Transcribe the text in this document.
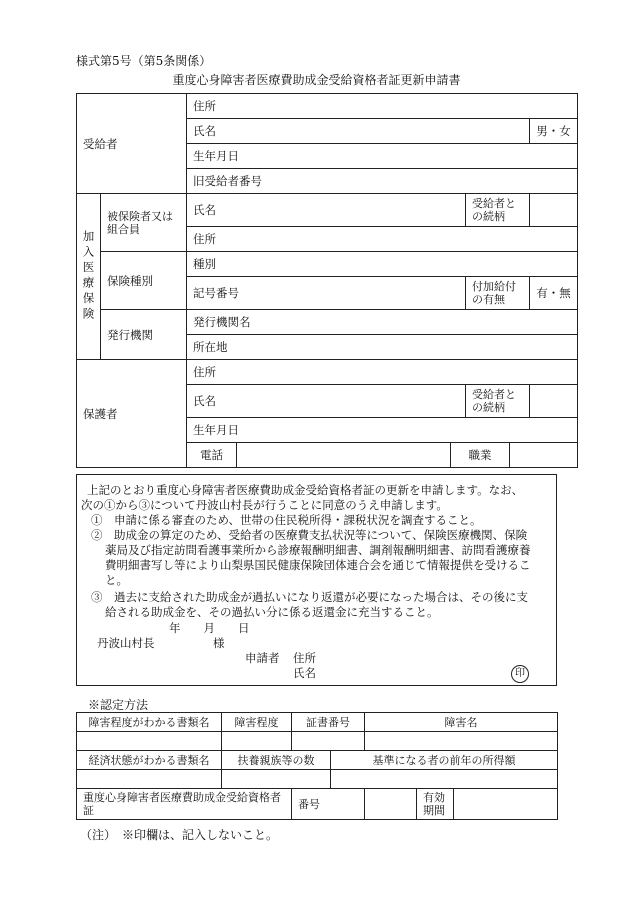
様式第5号（第5条関係）
重度心身障害者医療費助成金受給資格者証更新申請書
受給者		住所					
		氏名					男・女
		生年月日					
		旧受給者番号					
加入医療保険	被保険者又は組合員	氏名			受給者との続柄		
		住所					
	保険種別	種別					
		記号番号			付加給付の有無		有・無
	発行機関	発行機関名					
		所在地					
保護者		住所					
		氏名			受給者との続柄		
		生年月日					
		電話		職業			
上記のとおり重度心身障害者医療費助成金受給資格者証の更新を申請します。なお、
次の①から③について丹波山村長が行うことに同意のうえ申請します。
①　申請に係る審査のため、世帯の住民税所得・課税状況を調査すること。
②　助成金の算定のため、受給者の医療費支払状況等について、保険医療機関、保険
薬局及び指定訪問看護事業所から診療報酬明細書、調剤報酬明細書、訪問看護療養
費明細書写し等により山梨県国民健康保険団体連合会を通じて情報提供を受けるこ
と。
③　過去に支給された助成金が過払いになり返還が必要になった場合は、その後に支
給される助成金を、その過払い分に係る返還金に充当すること。
年　　月　　日
丹波山村長	様
申請者 住所
氏名	印
※認定方法
障害程度がわかる書類名	障害程度	証書番号		障害名		

経済状態がわかる書類名	扶養親族等の数		基準になる者の前年の所得額			

重度心身障害者医療費助成金受給資格者証		番号			有効期間	
（注）　※印欄は、記入しないこと。
